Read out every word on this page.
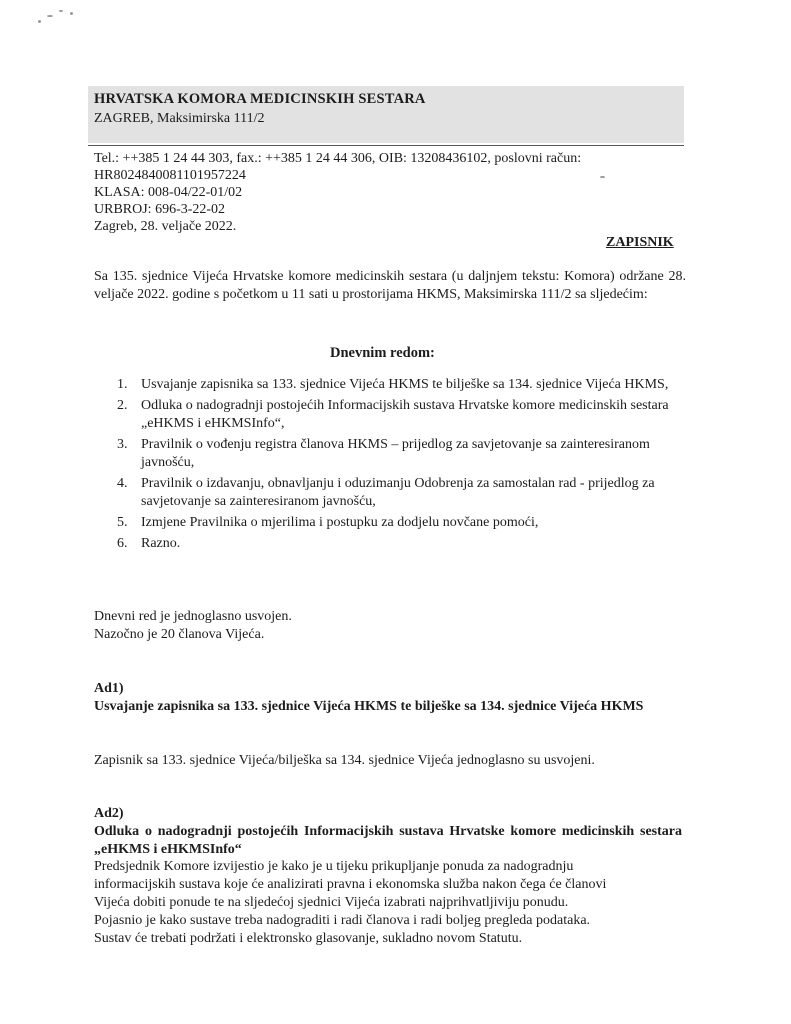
HRVATSKA KOMORA MEDICINSKIH SESTARA
ZAGREB, Maksimirska 111/2
Tel.: ++385 1 24 44 303, fax.: ++385 1 24 44 306, OIB: 13208436102, poslovni račun:
HR8024840081101957224
KLASA: 008-04/22-01/02
URBROJ: 696-3-22-02
Zagreb, 28. veljače 2022.
ZAPISNIK
Sa 135. sjednice Vijeća Hrvatske komore medicinskih sestara (u daljnjem tekstu: Komora) održane 28. veljače 2022. godine s početkom u 11 sati u prostorijama HKMS, Maksimirska 111/2 sa sljedećim:
Dnevnim redom:
1. Usvajanje zapisnika sa 133. sjednice Vijeća HKMS te bilješke sa 134. sjednice Vijeća HKMS,
2. Odluka o nadogradnji postojećih Informacijskih sustava Hrvatske komore medicinskih sestara „eHKMS i eHKMSInfo“,
3. Pravilnik o vođenju registra članova HKMS – prijedlog za savjetovanje sa zainteresiranom javnošću,
4. Pravilnik o izdavanju, obnavljanju i oduzimanju Odobrenja za samostalan rad - prijedlog za savjetovanje sa zainteresiranom javnošću,
5. Izmjene Pravilnika o mjerilima i postupku za dodjelu novčane pomoći,
6. Razno.
Dnevni red je jednoglasno usvojen.
Nazočno je 20 članova Vijeća.
Ad1)
Usvajanje zapisnika sa 133. sjednice Vijeća HKMS te bilješke sa 134. sjednice Vijeća HKMS
Zapisnik sa 133. sjednice Vijeća/bilješka sa 134. sjednice Vijeća jednoglasno su usvojeni.
Ad2)
Odluka o nadogradnji postojećih Informacijskih sustava Hrvatske komore medicinskih sestara „eHKMS i eHKMSInfo“
Predsjednik Komore izvijestio je kako je u tijeku prikupljanje ponuda za nadogradnju
informacijskih sustava koje će analizirati pravna i ekonomska služba nakon čega će članovi
Vijeća dobiti ponude te na sljedećoj sjednici Vijeća izabrati najprihvatljiviju ponudu.
Pojasnio je kako sustave treba nadograditi i radi članova i radi boljeg pregleda podataka.
Sustav će trebati podržati i elektronsko glasovanje, sukladno novom Statutu.
